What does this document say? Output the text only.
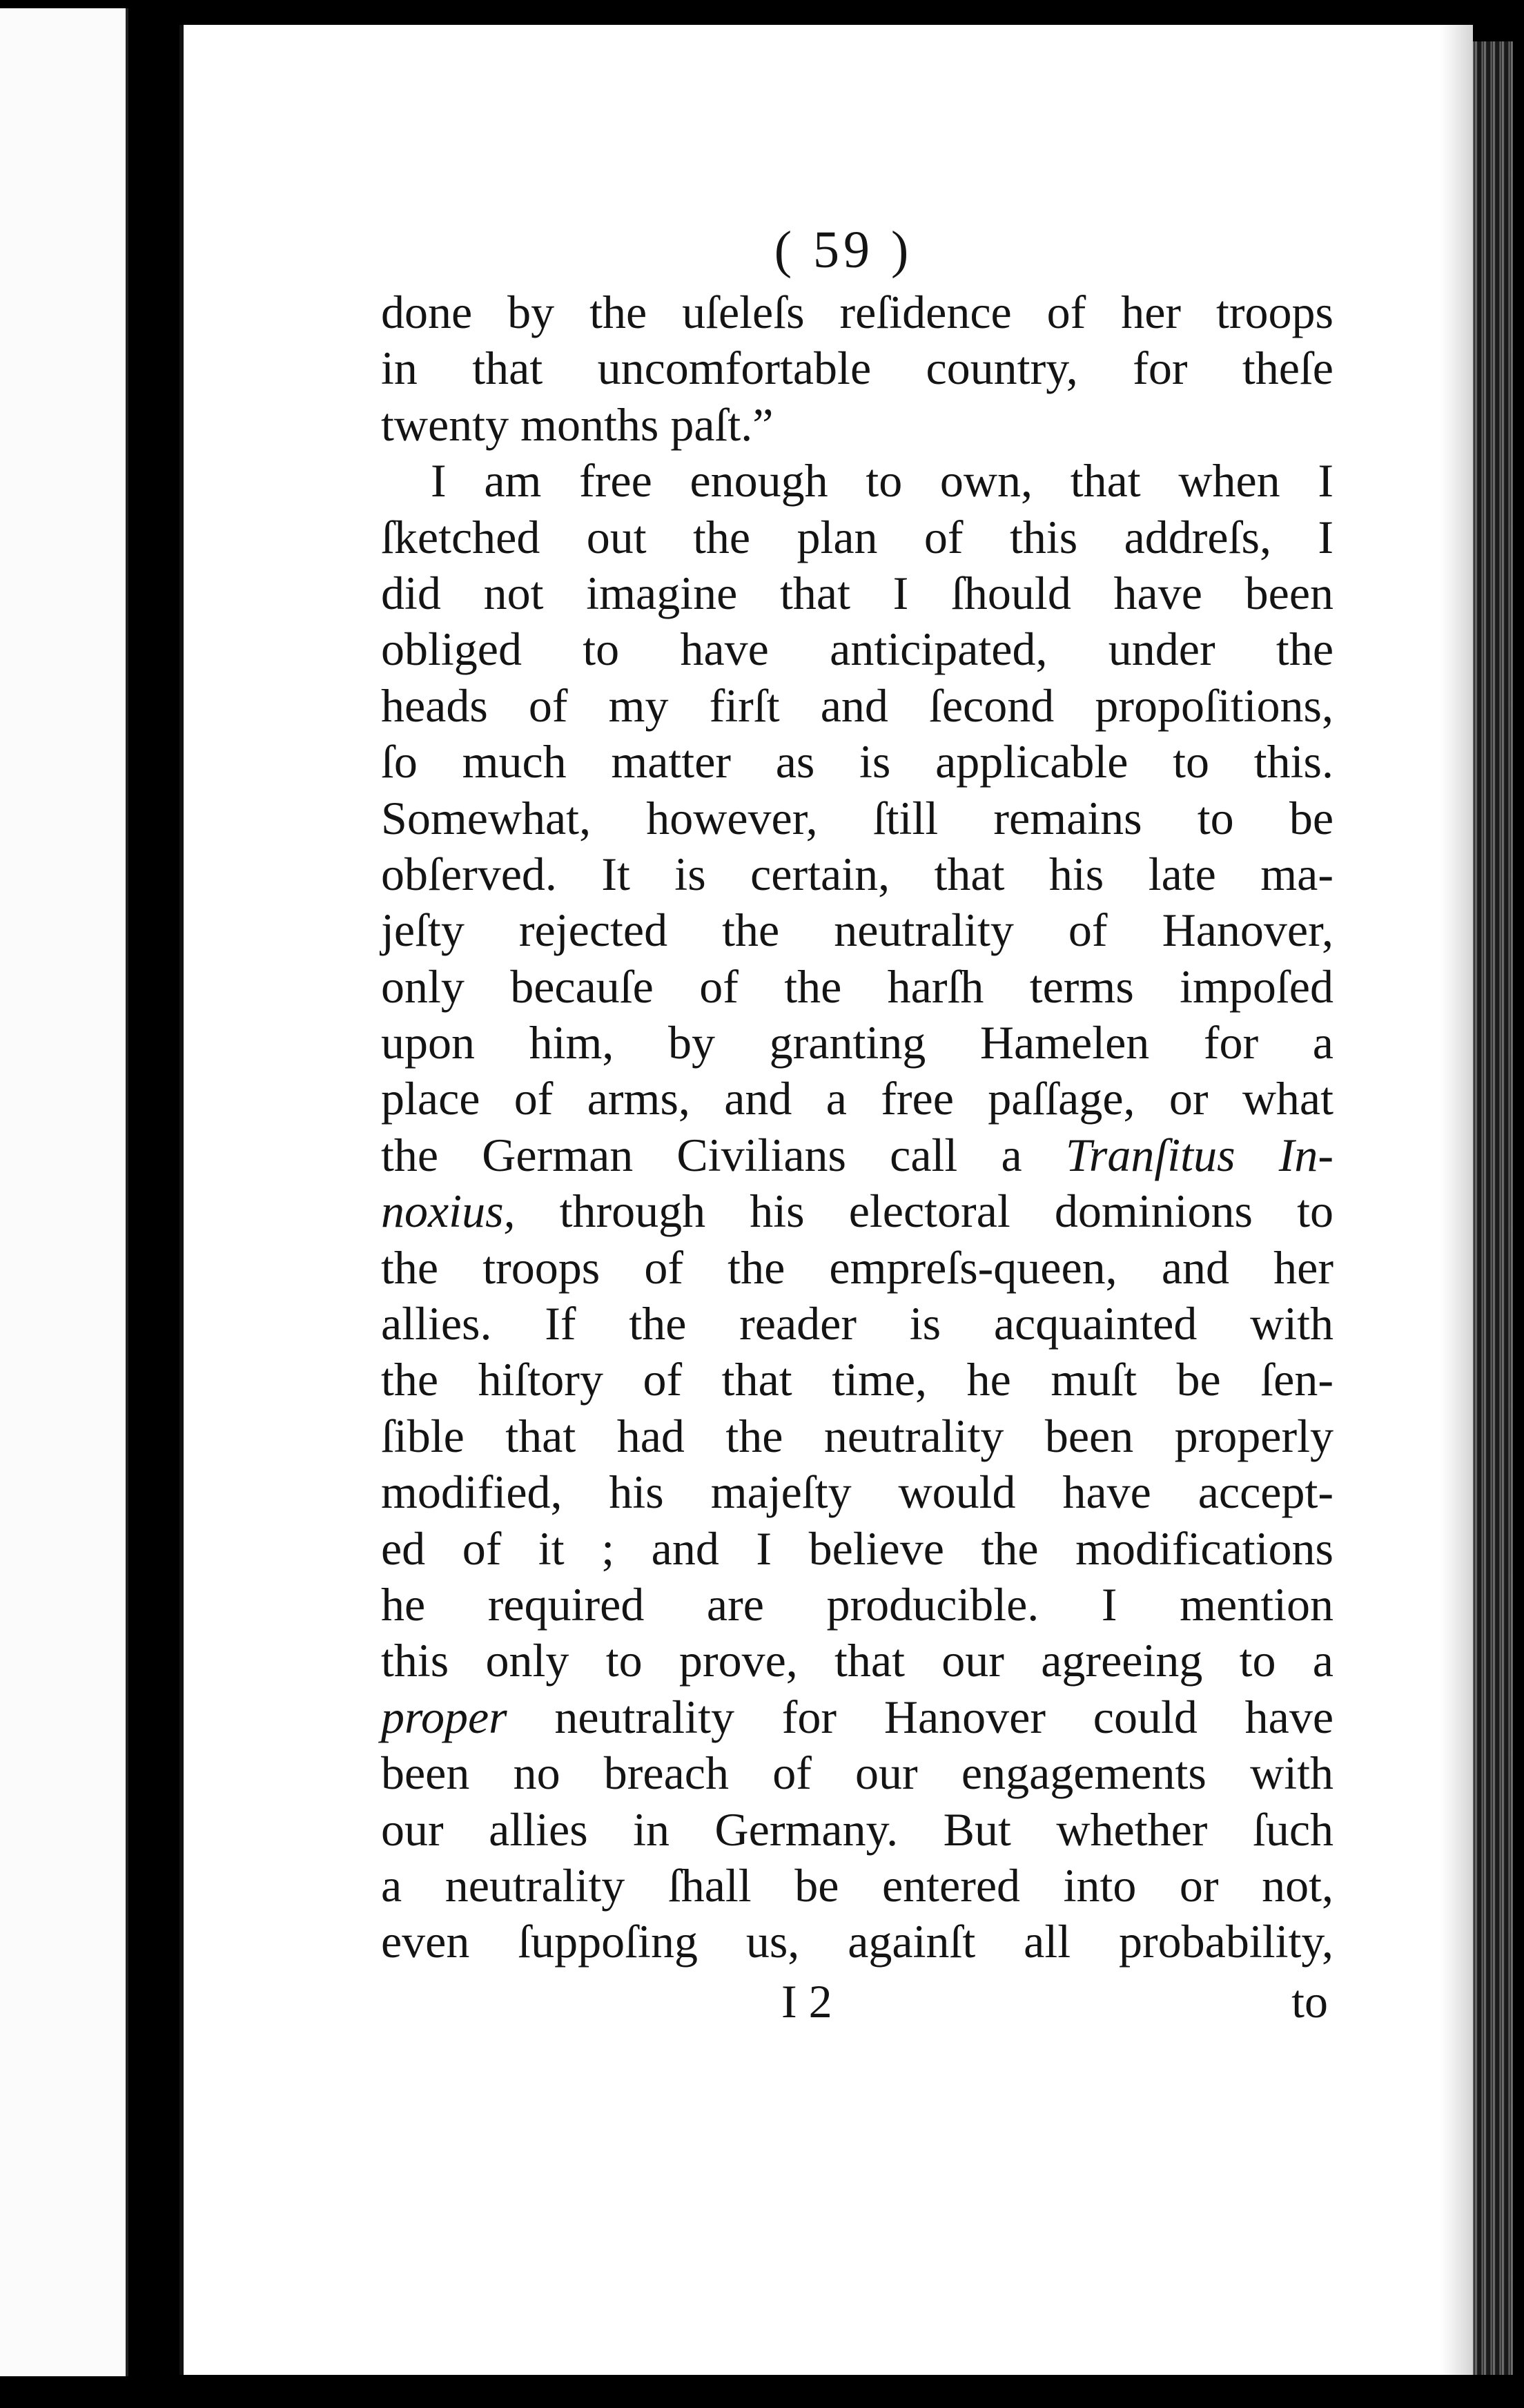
( 59 )
done by the uſeleſs reſidence of her troops
in that uncomfortable country, for theſe
twenty months paſt.”
I am free enough to own, that when I
ſketched out the plan of this addreſs, I
did not imagine that I ſhould have been
obliged to have anticipated, under the
heads of my firſt and ſecond propoſitions,
ſo much matter as is applicable to this.
Somewhat, however, ſtill remains to be
obſerved. It is certain, that his late ma-
jeſty rejected the neutrality of Hanover,
only becauſe of the harſh terms impoſed
upon him, by granting Hamelen for a
place of arms, and a free paſſage, or what
the German Civilians call a Tranſitus In-
noxius, through his electoral dominions to
the troops of the empreſs-queen, and her
allies. If the reader is acquainted with
the hiſtory of that time, he muſt be ſen-
ſible that had the neutrality been properly
modified, his majeſty would have accept-
ed of it ; and I believe the modifications
he required are producible. I mention
this only to prove, that our agreeing to a
proper neutrality for Hanover could have
been no breach of our engagements with
our allies in Germany. But whether ſuch
a neutrality ſhall be entered into or not,
even ſuppoſing us, againſt all probability,
I 2	to
